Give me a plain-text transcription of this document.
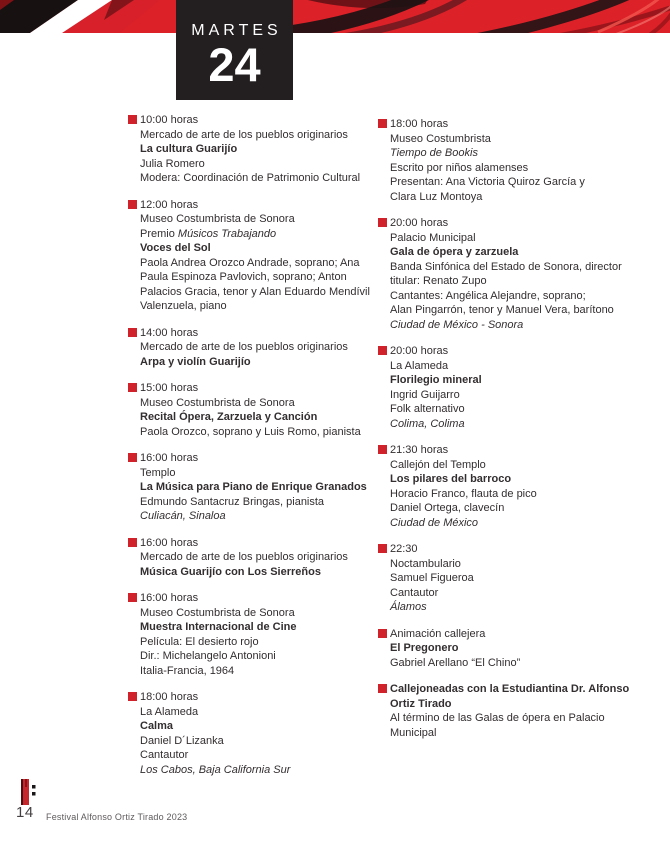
MARTES
24
10:00 horas
Mercado de arte de los pueblos originarios
La cultura Guarijío
Julia Romero
Modera: Coordinación de Patrimonio Cultural
12:00 horas
Museo Costumbrista de Sonora
Premio Músicos Trabajando
Voces del Sol
Paola Andrea Orozco Andrade, soprano; Ana
Paula Espinoza Pavlovich, soprano; Anton
Palacios Gracia, tenor y Alan Eduardo Mendívil
Valenzuela, piano
14:00 horas
Mercado de arte de los pueblos originarios
Arpa y violín Guarijío
15:00 horas
Museo Costumbrista de Sonora
Recital Ópera, Zarzuela y Canción
Paola Orozco, soprano y Luis Romo, pianista
16:00 horas
Templo
La Música para Piano de Enrique Granados
Edmundo Santacruz Bringas, pianista
Culiacán, Sinaloa
16:00 horas
Mercado de arte de los pueblos originarios
Música Guarijío con Los Sierreños
16:00 horas
Museo Costumbrista de Sonora
Muestra Internacional de Cine
Película: El desierto rojo
Dir.: Michelangelo Antonioni
Italia-Francia, 1964
18:00 horas
La Alameda
Calma
Daniel D´Lizanka
Cantautor
Los Cabos, Baja California Sur
18:00 horas
Museo Costumbrista
Tiempo de Bookis
Escrito por niños alamenses
Presentan: Ana Victoria Quiroz García y
Clara Luz Montoya
20:00 horas
Palacio Municipal
Gala de ópera y zarzuela
Banda Sinfónica del Estado de Sonora, director
titular: Renato Zupo
Cantantes: Angélica Alejandre, soprano;
Alan Pingarrón, tenor y Manuel Vera, barítono
Ciudad de México - Sonora
20:00 horas
La Alameda
Florilegio mineral
Ingrid Guijarro
Folk alternativo
Colima, Colima
21:30 horas
Callejón del Templo
Los pilares del barroco
Horacio Franco, flauta de pico
Daniel Ortega, clavecín
Ciudad de México
22:30
Noctambulario
Samuel Figueroa
Cantautor
Álamos
Animación callejera
El Pregonero
Gabriel Arellano “El Chino”
Callejoneadas con la Estudiantina Dr. Alfonso
Ortiz Tirado
Al término de las Galas de ópera en Palacio
Municipal
14 Festival Alfonso Ortiz Tirado 2023
